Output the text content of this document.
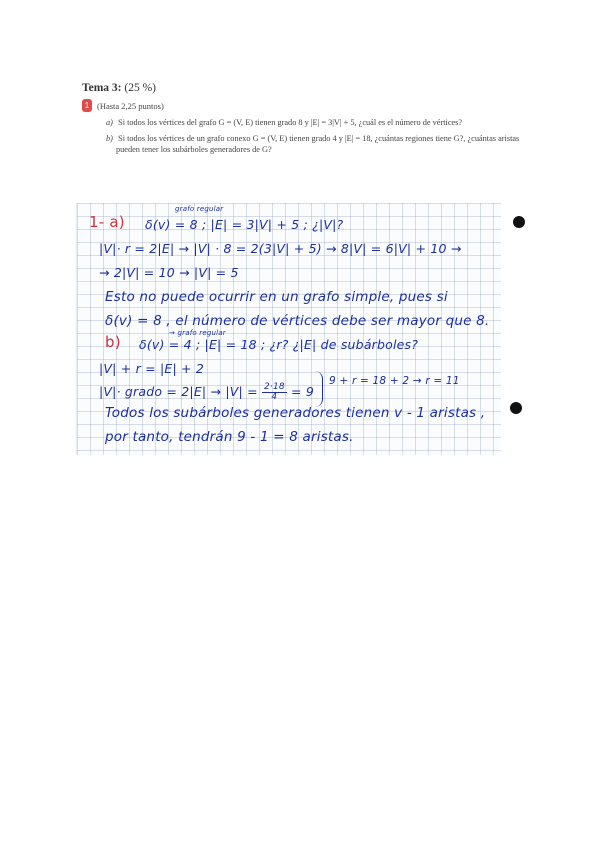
Tema 3: (25 %)
1 (Hasta 2,25 puntos)
a) Si todos los vértices del grafo G = (V, E) tienen grado 8 y |E| = 3|V| + 5, ¿cuál es el número de vértices?
b) Si todos los vértices de un grafo conexo G = (V, E) tienen grado 4 y |E| = 18, ¿cuántas regiones tiene G?, ¿cuántas aristas pueden tener los subárboles generadores de G?
1- a)
grafo regular
δ(v) = 8 ; |E| = 3|V| + 5 ; ¿|V|?
|V|· r = 2|E| → |V| · 8 = 2(3|V| + 5) → 8|V| = 6|V| + 10 →
→ 2|V| = 10 → |V| = 5
Esto no puede ocurrir en un grafo simple, pues si
δ(v) = 8 , el número de vértices debe ser mayor que 8.
b)	→ grafo regular
δ(v) = 4 ; |E| = 18 ; ¿r? ¿|E| de subárboles?
|V| + r = |E| + 2
|V|· grado = $2|E| \to |V| = \frac{2\cdot 18}{4} = 9$
9 + r = 18 + 2 → r = 11
Todos los subárboles generadores tienen v - 1 aristas ,
por tanto, tendrán 9 - 1 = 8 aristas.
